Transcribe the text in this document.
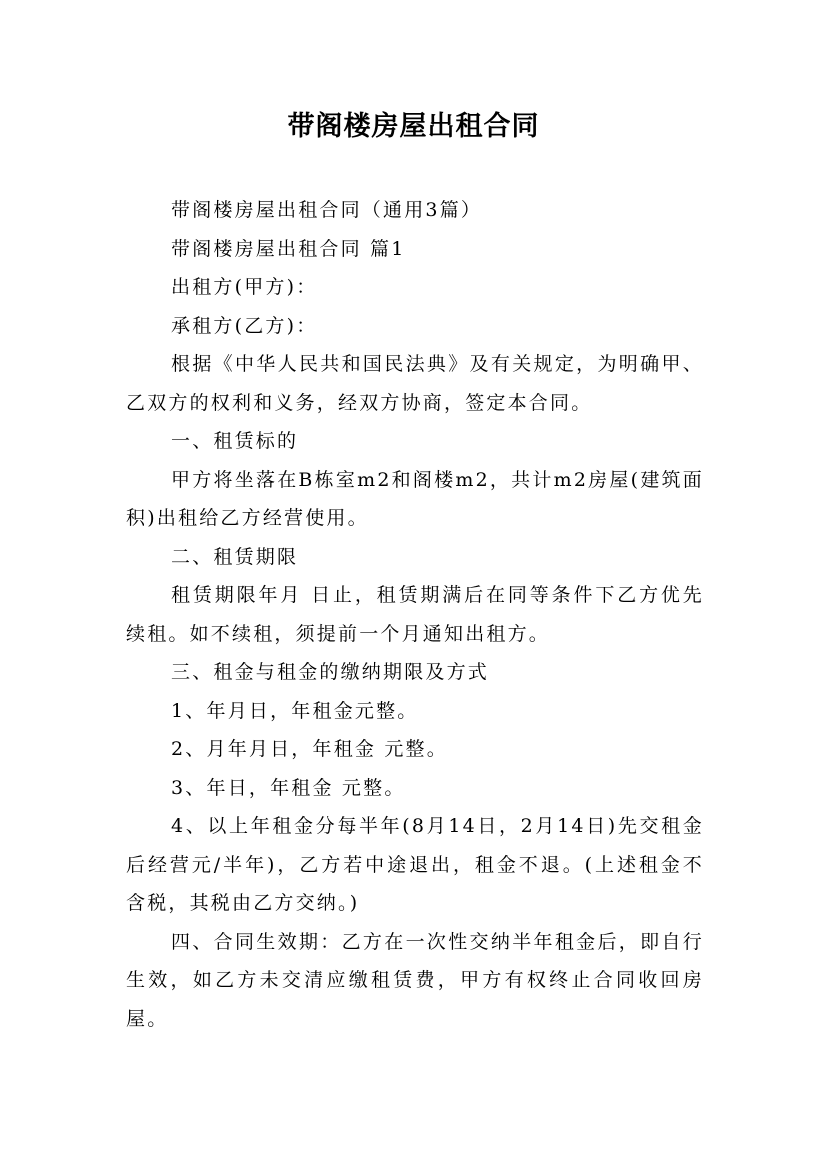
带阁楼房屋出租合同

带阁楼房屋出租合同（通用3篇）

带阁楼房屋出租合同 篇1

出租方(甲方)：

承租方(乙方)：

根据《中华人民共和国民法典》及有关规定，为明确甲、乙双方的权利和义务，经双方协商，签定本合同。

一、租赁标的

甲方将坐落在B栋室m2和阁楼m2，共计m2房屋(建筑面积)出租给乙方经营使用。

二、租赁期限

租赁期限年月 日止，租赁期满后在同等条件下乙方优先续租。如不续租，须提前一个月通知出租方。

三、租金与租金的缴纳期限及方式

1、年月日，年租金元整。

2、月年月日，年租金 元整。

3、年日，年租金 元整。

4、以上年租金分每半年(8月14日，2月14日)先交租金后经营元/半年)，乙方若中途退出，租金不退。(上述租金不含税，其税由乙方交纳。)

四、合同生效期：乙方在一次性交纳半年租金后，即自行生效，如乙方未交清应缴租赁费，甲方有权终止合同收回房屋。
